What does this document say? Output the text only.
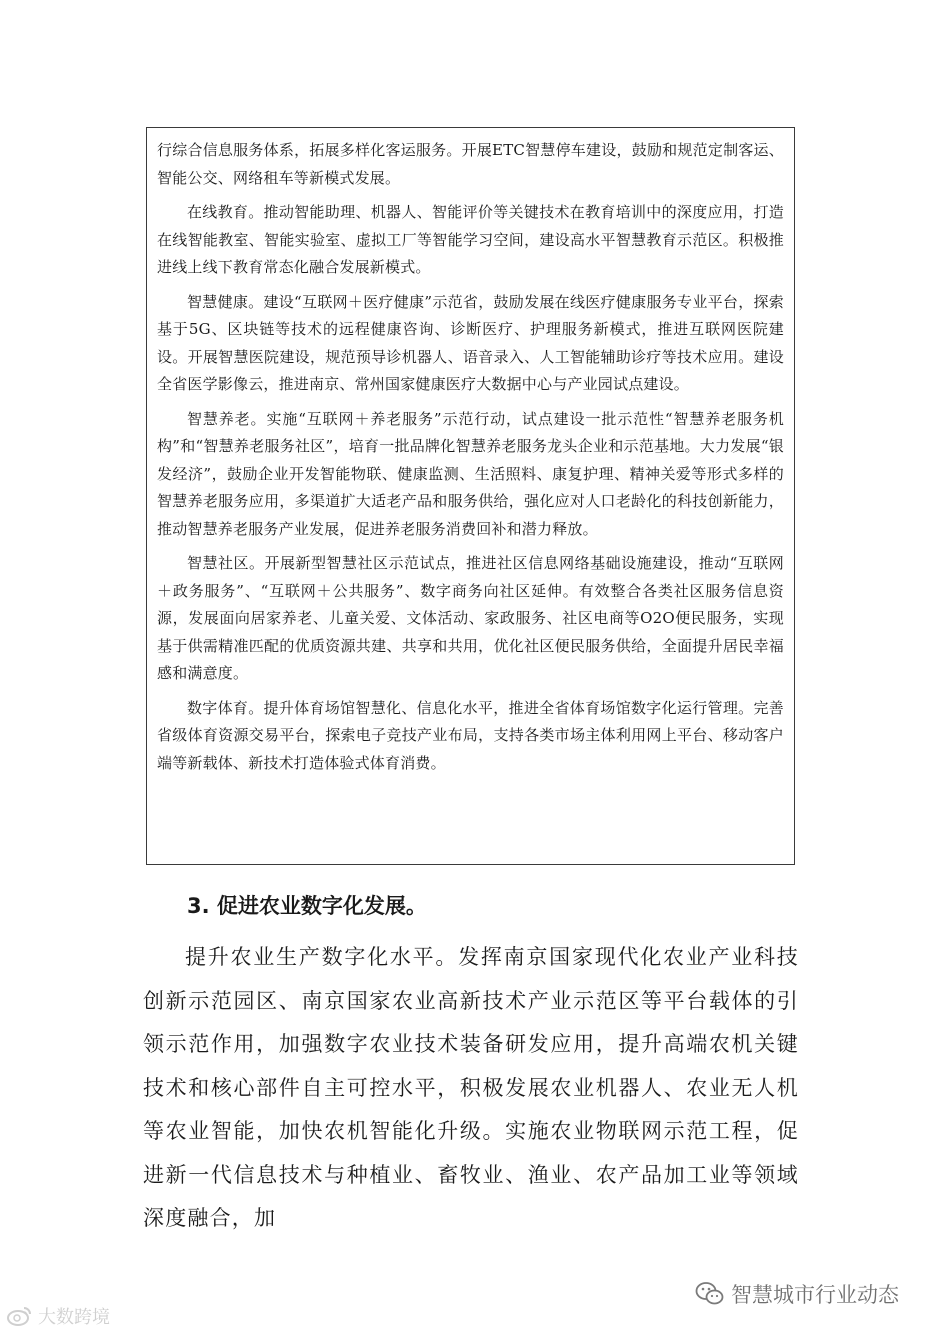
行综合信息服务体系，拓展多样化客运服务。开展ETC智慧停车建设，鼓励和规范定制客运、智能公交、网络租车等新模式发展。

在线教育。推动智能助理、机器人、智能评价等关键技术在教育培训中的深度应用，打造在线智能教室、智能实验室、虚拟工厂等智能学习空间，建设高水平智慧教育示范区。积极推进线上线下教育常态化融合发展新模式。

智慧健康。建设“互联网＋医疗健康”示范省，鼓励发展在线医疗健康服务专业平台，探索基于5G、区块链等技术的远程健康咨询、诊断医疗、护理服务新模式，推进互联网医院建设。开展智慧医院建设，规范预导诊机器人、语音录入、人工智能辅助诊疗等技术应用。建设全省医学影像云，推进南京、常州国家健康医疗大数据中心与产业园试点建设。

智慧养老。实施“互联网＋养老服务”示范行动，试点建设一批示范性“智慧养老服务机构”和“智慧养老服务社区”，培育一批品牌化智慧养老服务龙头企业和示范基地。大力发展“银发经济”，鼓励企业开发智能物联、健康监测、生活照料、康复护理、精神关爱等形式多样的智慧养老服务应用，多渠道扩大适老产品和服务供给，强化应对人口老龄化的科技创新能力，推动智慧养老服务产业发展，促进养老服务消费回补和潜力释放。

智慧社区。开展新型智慧社区示范试点，推进社区信息网络基础设施建设，推动“互联网＋政务服务”、“互联网＋公共服务”、数字商务向社区延伸。有效整合各类社区服务信息资源，发展面向居家养老、儿童关爱、文体活动、家政服务、社区电商等O2O便民服务，实现基于供需精准匹配的优质资源共建、共享和共用，优化社区便民服务供给，全面提升居民幸福感和满意度。

数字体育。提升体育场馆智慧化、信息化水平，推进全省体育场馆数字化运行管理。完善省级体育资源交易平台，探索电子竞技产业布局，支持各类市场主体利用网上平台、移动客户端等新载体、新技术打造体验式体育消费。

3. 促进农业数字化发展。

提升农业生产数字化水平。发挥南京国家现代化农业产业科技创新示范园区、南京国家农业高新技术产业示范区等平台载体的引领示范作用，加强数字农业技术装备研发应用，提升高端农机关键技术和核心部件自主可控水平，积极发展农业机器人、农业无人机等农业智能，加快农机智能化升级。实施农业物联网示范工程，促进新一代信息技术与种植业、畜牧业、渔业、农产品加工业等领域深度融合，加

大数跨境
智慧城市行业动态
